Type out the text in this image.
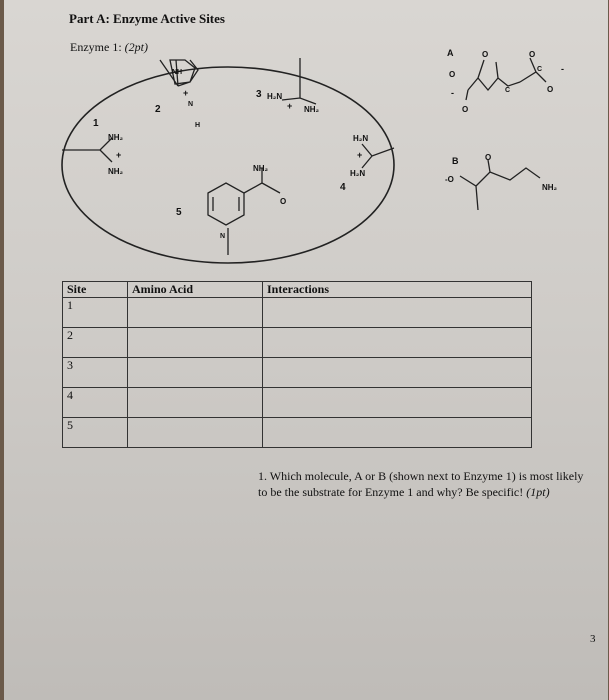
Part A: Enzyme Active Sites
Enzyme 1: (2pt)
1
NH₂
+
NH₂
2
NH
+
N
H
3 H₂N
+ NH₂
H₂N
+
H₂N
4
5
NH₂
O
N
A
O
O
O
O
O
C
C
-
-
B	O
-O
NH₂
Site	Amino Acid	Interactions
1		
2		
3		
4		
5		
1. Which molecule, A or B (shown next to Enzyme 1) is most likely to be the substrate for Enzyme 1 and why? Be specific! (1pt)
3
